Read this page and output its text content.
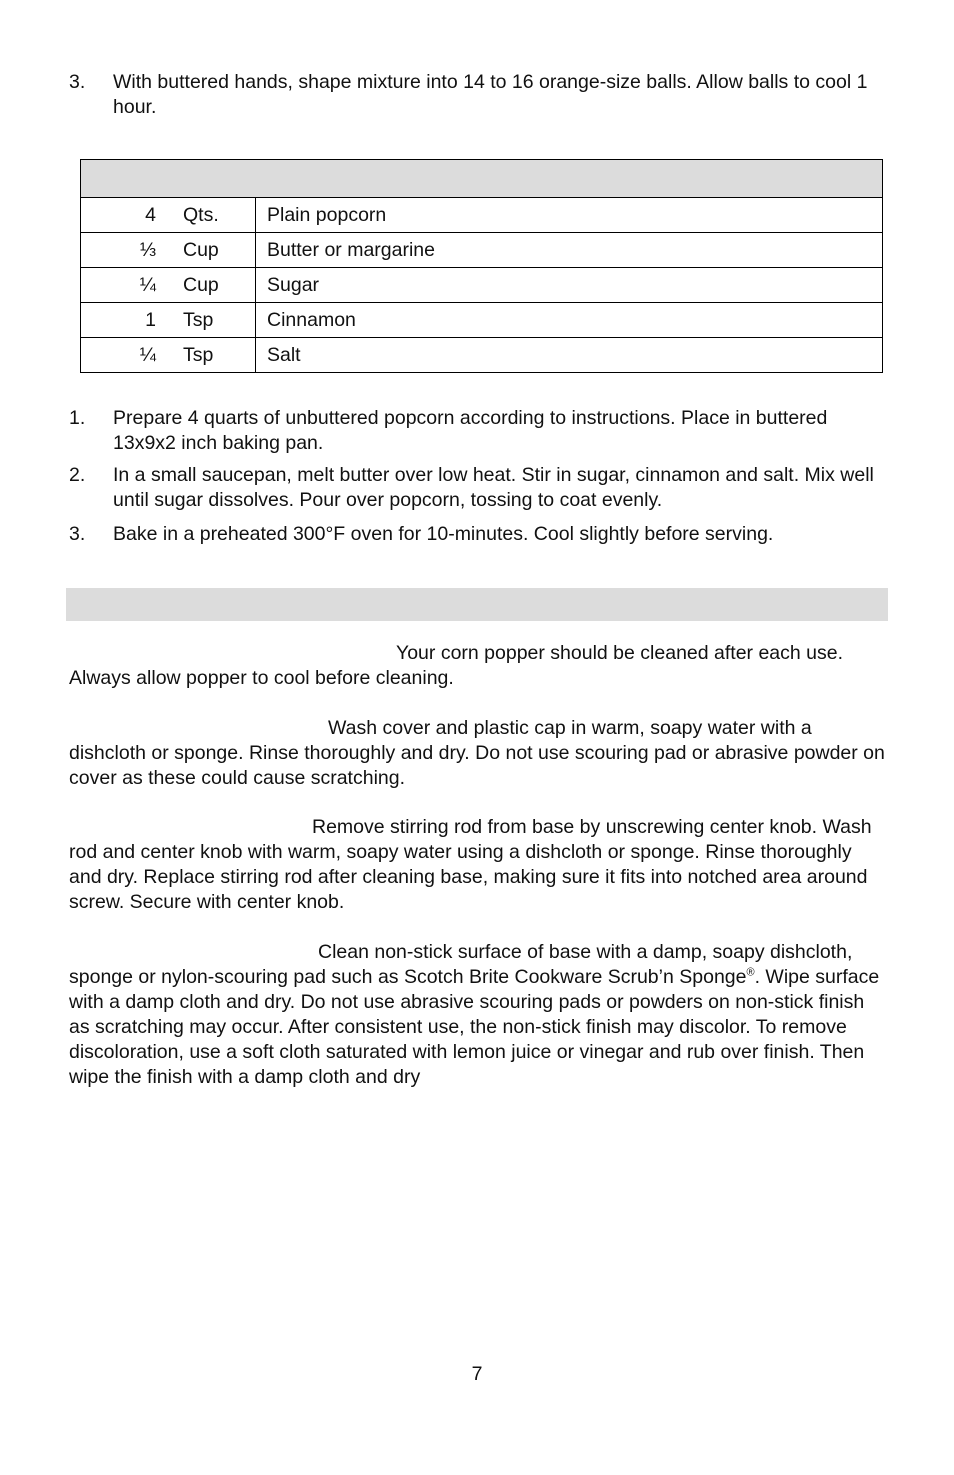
3. With buttered hands, shape mixture into 14 to 16 orange-size balls. Allow balls to cool 1 hour.

4 Qts.	Plain popcorn
⅓ Cup	Butter or margarine
¼ Cup	Sugar
1 Tsp	Cinnamon
¼ Tsp	Salt
1. Prepare 4 quarts of unbuttered popcorn according to instructions. Place in buttered 13x9x2 inch baking pan.
2. In a small saucepan, melt butter over low heat. Stir in sugar, cinnamon and salt. Mix well until sugar dissolves. Pour over popcorn, tossing to coat evenly.
3. Bake in a preheated 300°F oven for 10-minutes. Cool slightly before serving.
Your corn popper should be cleaned after each use. Always allow popper to cool before cleaning.
Wash cover and plastic cap in warm, soapy water with a dishcloth or sponge. Rinse thoroughly and dry. Do not use scouring pad or abrasive powder on cover as these could cause scratching.
Remove stirring rod from base by unscrewing center knob. Wash rod and center knob with warm, soapy water using a dishcloth or sponge. Rinse thoroughly and dry. Replace stirring rod after cleaning base, making sure it fits into notched area around screw. Secure with center knob.
Clean non-stick surface of base with a damp, soapy dishcloth, sponge or nylon-scouring pad such as Scotch Brite Cookware Scrub’n Sponge®. Wipe surface with a damp cloth and dry. Do not use abrasive scouring pads or powders on non-stick finish as scratching may occur. After consistent use, the non-stick finish may discolor. To remove discoloration, use a soft cloth saturated with lemon juice or vinegar and rub over finish. Then wipe the finish with a damp cloth and dry
7
